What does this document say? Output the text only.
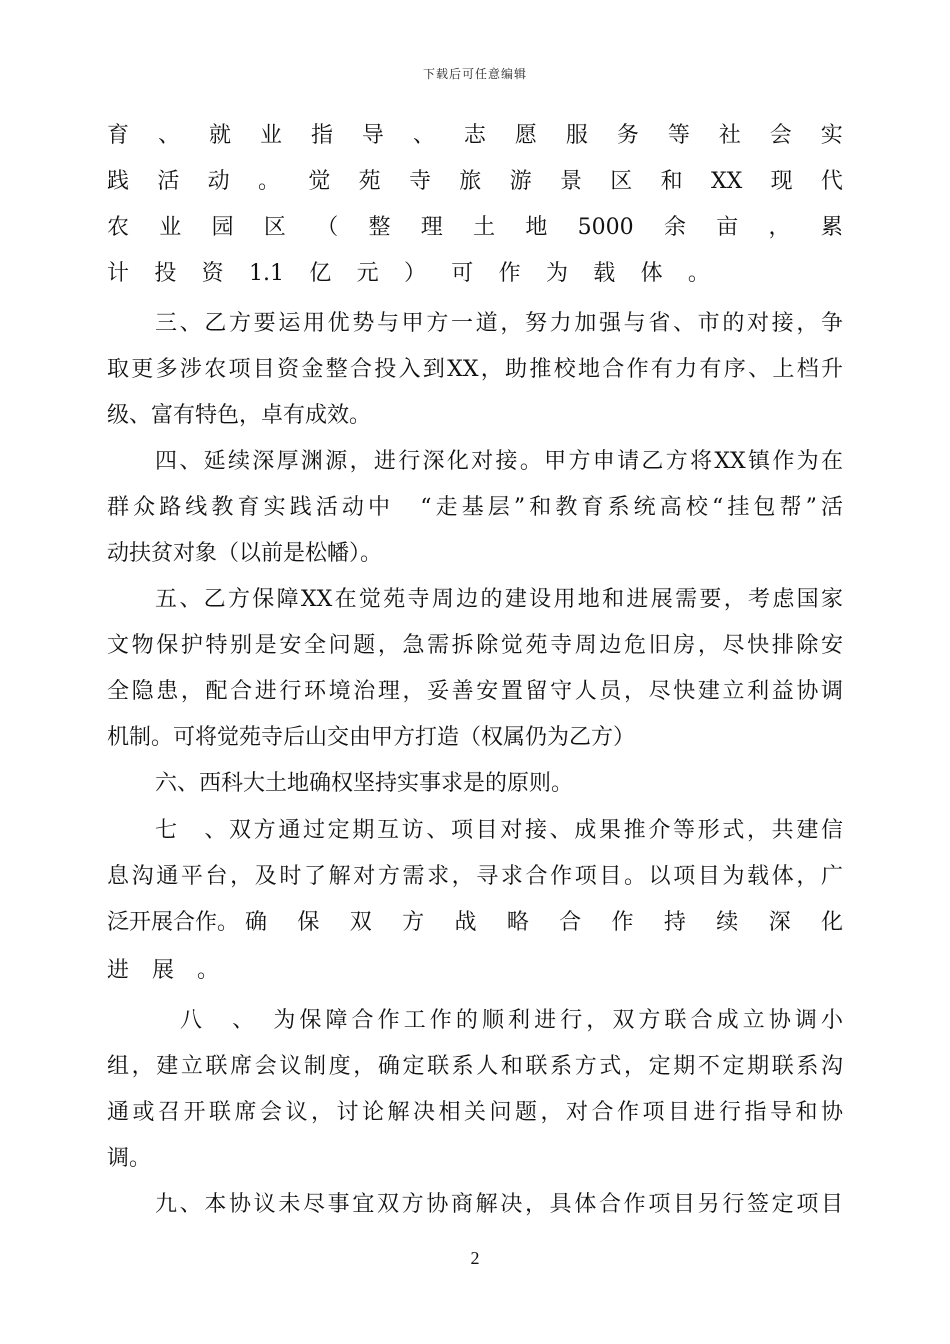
下载后可任意编辑
育 、 就 业 指 导 、 志 愿 服 务 等 社 会 实
践 活 动 。 觉 苑 寺 旅 游 景 区 和 XX 现 代
农 业 园 区 （ 整 理 土 地 5000 余 亩 ， 累
计 投 资 1.1 亿 元 ） 可 作 为 载 体 。
三、乙方要运用优势与甲方一道，努力加强与省、市的对接，争
取更多涉农项目资金整合投入到XX，助推校地合作有力有序、上档升
级、富有特色，卓有成效。
四、延续深厚渊源，进行深化对接。甲方申请乙方将XX镇作为在
群众路线教育实践活动中　“走基层”和教育系统高校“挂包帮”活
动扶贫对象（以前是松幡）。
五、乙方保障XX在觉苑寺周边的建设用地和进展需要，考虑国家
文物保护特别是安全问题，急需拆除觉苑寺周边危旧房，尽快排除安
全隐患，配合进行环境治理，妥善安置留守人员，尽快建立利益协调
机制。可将觉苑寺后山交由甲方打造（权属仍为乙方）
六、西科大土地确权坚持实事求是的原则。
七　、双方通过定期互访、项目对接、成果推介等形式，共建信
息沟通平台，及时了解对方需求，寻求合作项目。以项目为载体，广
泛开展合作。 确 保 双 方 战 略 合 作 持 续 深 化
进 展 。
八　、　为保障合作工作的顺利进行，双方联合成立协调小
组，建立联席会议制度，确定联系人和联系方式，定期不定期联系沟
通或召开联席会议，讨论解决相关问题，对合作项目进行指导和协
调。
九、本协议未尽事宜双方协商解决，具体合作项目另行签定项目
2
